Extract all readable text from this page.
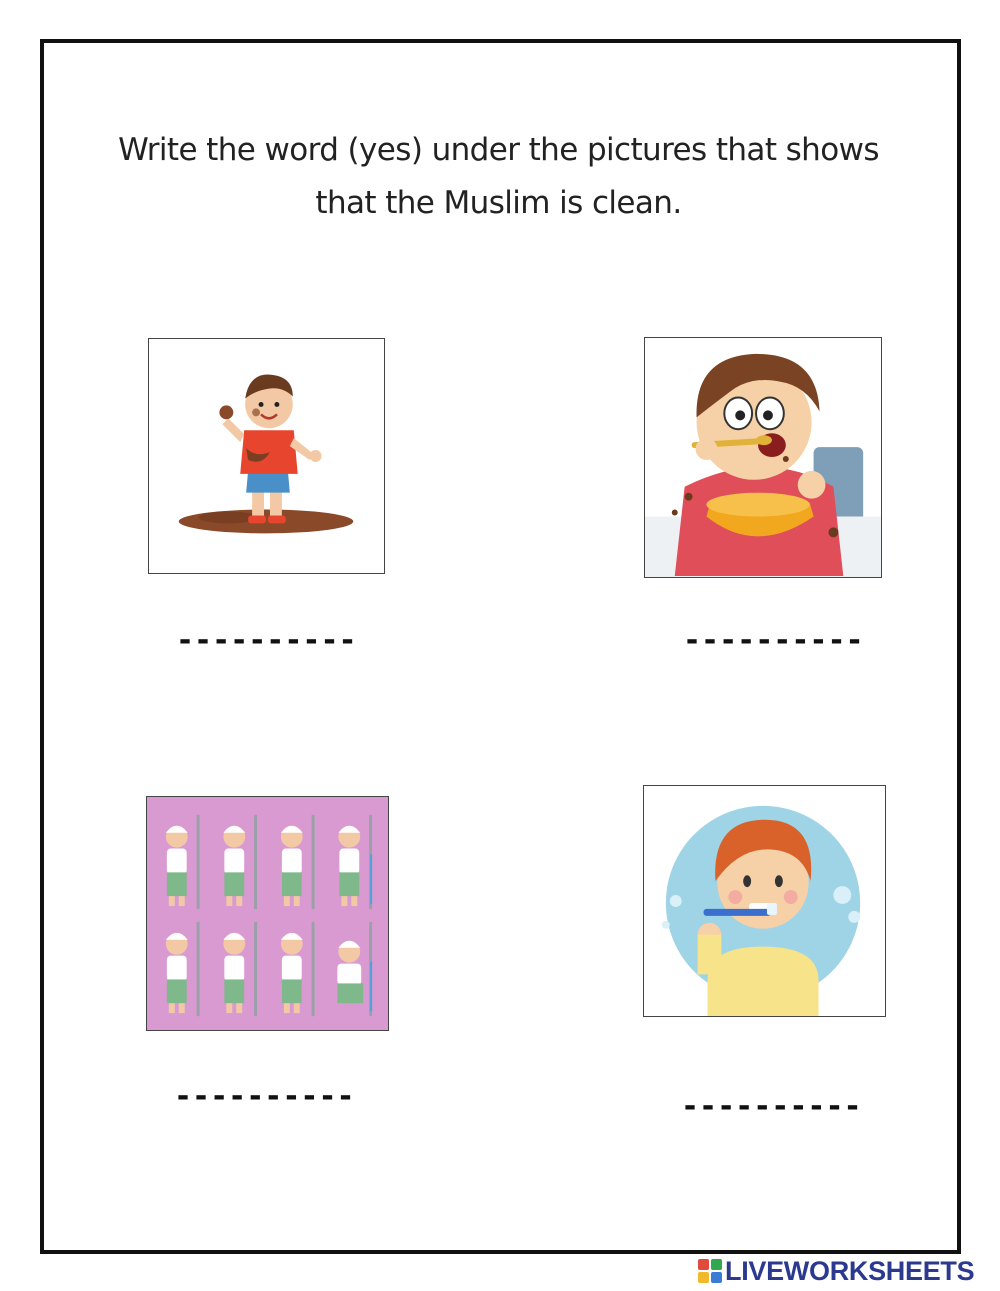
Write the word (yes) under the pictures that shows
that the Muslim is clean.
----------	----------
----------	----------
LIVEWORKSHEETS
